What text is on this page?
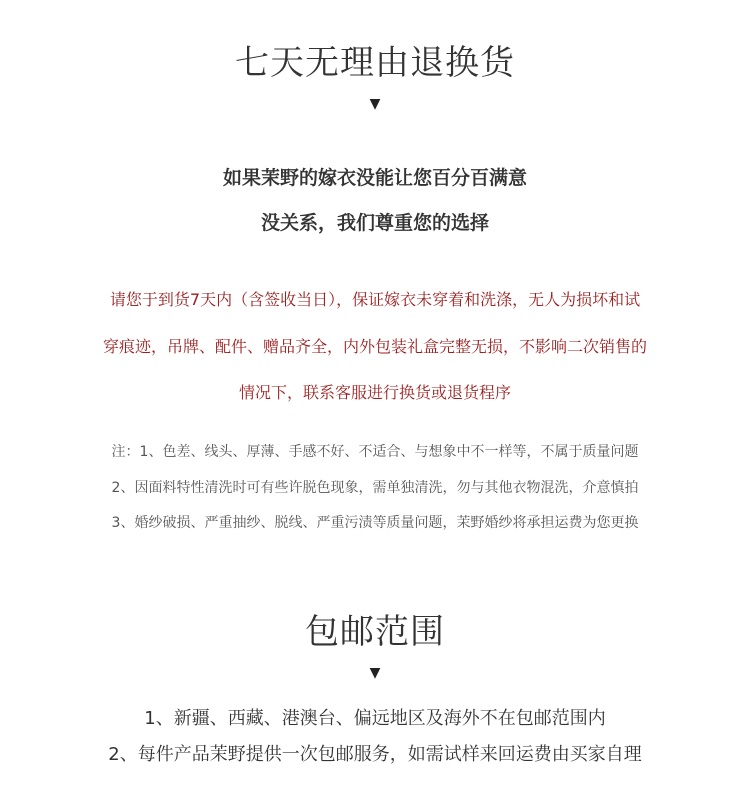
七天无理由退换货
▼

如果茉野的嫁衣没能让您百分百满意

没关系，我们尊重您的选择

请您于到货7天内（含签收当日），保证嫁衣未穿着和洗涤，无人为损坏和试

穿痕迹，吊牌、配件、赠品齐全，内外包装礼盒完整无损，不影响二次销售的

情况下，联系客服进行换货或退货程序

注：1、色差、线头、厚薄、手感不好、不适合、与想象中不一样等，不属于质量问题

2、因面料特性清洗时可有些许脱色现象，需单独清洗，勿与其他衣物混洗，介意慎拍

3、婚纱破损、严重抽纱、脱线、严重污渍等质量问题，茉野婚纱将承担运费为您更换

包邮范围
▼

1、新疆、西藏、港澳台、偏远地区及海外不在包邮范围内

2、每件产品茉野提供一次包邮服务，如需试样来回运费由买家自理
